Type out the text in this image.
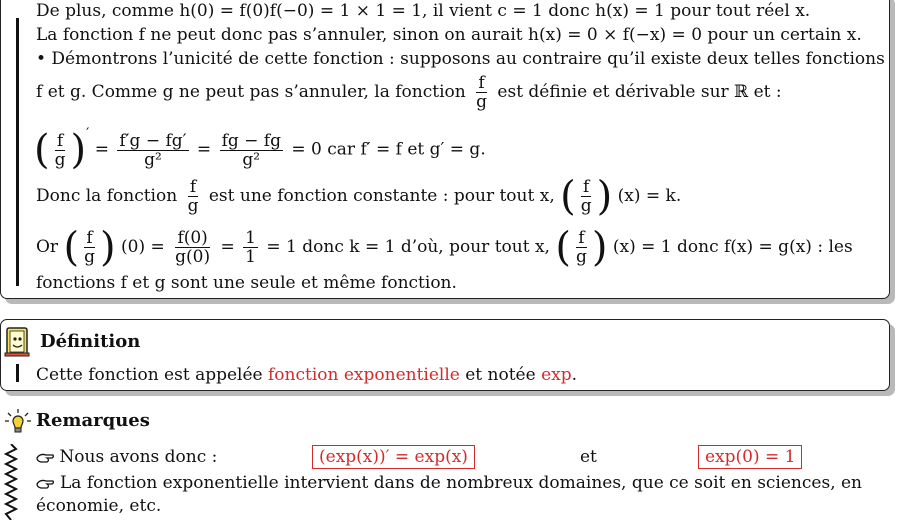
De plus, comme h(0) = f(0)f(−0) = 1 × 1 = 1, il vient c = 1 donc h(x) = 1 pour tout réel x.
La fonction f ne peut donc pas s’annuler, sinon on aurait h(x) = 0 × f(−x) = 0 pour un certain x.
• Démontrons l’unicité de cette fonction : supposons au contraire qu’il existe deux telles fonctions
f et g. Comme g ne peut pas s’annuler, la fonction $\frac{f}{g}$ est définie et dérivable sur ℝ et :
( $\frac{f}{g} )' = \frac{f'g - fg'}{\text{g²}} = \frac{fg - fg}{\text{g²}} = 0$ car f′ = f et g′ = g.
Donc la fonction $\frac{f}{g}$ est une fonction constante : pour tout x, ( $\frac{f}{g}$ ) (x) = k.
Or ( $\frac{f}{g}$ ) $(0) = \frac{f(0)}{g(0)} = \frac{1}{1} = 1$ donc k = 1 d’où, pour tout x, ( $\frac{f}{g}$ ) (x) = 1 donc f(x) = g(x) : les
fonctions f et g sont une seule et même fonction.
Définition
Cette fonction est appelée fonction exponentielle et notée exp.
Remarques
Nous avons donc :	(exp(x))′ = exp(x)	et	exp(0) = 1
La fonction exponentielle intervient dans de nombreux domaines, que ce soit en sciences, en
économie, etc.
